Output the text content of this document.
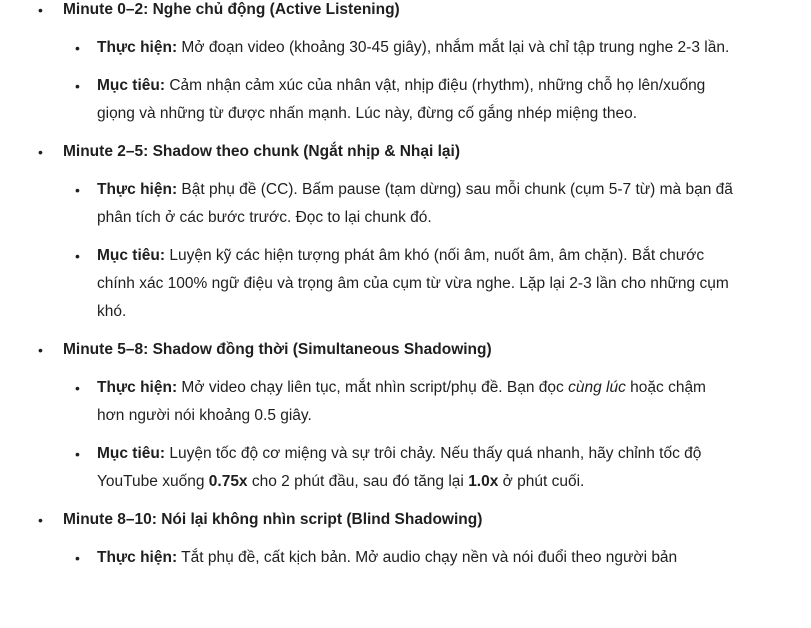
• Minute 0–2: Nghe chủ động (Active Listening)
• Thực hiện: Mở đoạn video (khoảng 30-45 giây), nhắm mắt lại và chỉ tập trung nghe 2-3 lần.
• Mục tiêu: Cảm nhận cảm xúc của nhân vật, nhịp điệu (rhythm), những chỗ họ lên/xuống giọng và những từ được nhấn mạnh. Lúc này, đừng cố gắng nhép miệng theo.
• Minute 2–5: Shadow theo chunk (Ngắt nhịp & Nhại lại)
• Thực hiện: Bật phụ đề (CC). Bấm pause (tạm dừng) sau mỗi chunk (cụm 5-7 từ) mà bạn đã phân tích ở các bước trước. Đọc to lại chunk đó.
• Mục tiêu: Luyện kỹ các hiện tượng phát âm khó (nối âm, nuốt âm, âm chặn). Bắt chước chính xác 100% ngữ điệu và trọng âm của cụm từ vừa nghe. Lặp lại 2-3 lần cho những cụm khó.
• Minute 5–8: Shadow đồng thời (Simultaneous Shadowing)
• Thực hiện: Mở video chạy liên tục, mắt nhìn script/phụ đề. Bạn đọc cùng lúc hoặc chậm hơn người nói khoảng 0.5 giây.
• Mục tiêu: Luyện tốc độ cơ miệng và sự trôi chảy. Nếu thấy quá nhanh, hãy chỉnh tốc độ YouTube xuống 0.75x cho 2 phút đầu, sau đó tăng lại 1.0x ở phút cuối.
• Minute 8–10: Nói lại không nhìn script (Blind Shadowing)
• Thực hiện: Tắt phụ đề, cất kịch bản. Mở audio chạy nền và nói đuổi theo người bản
